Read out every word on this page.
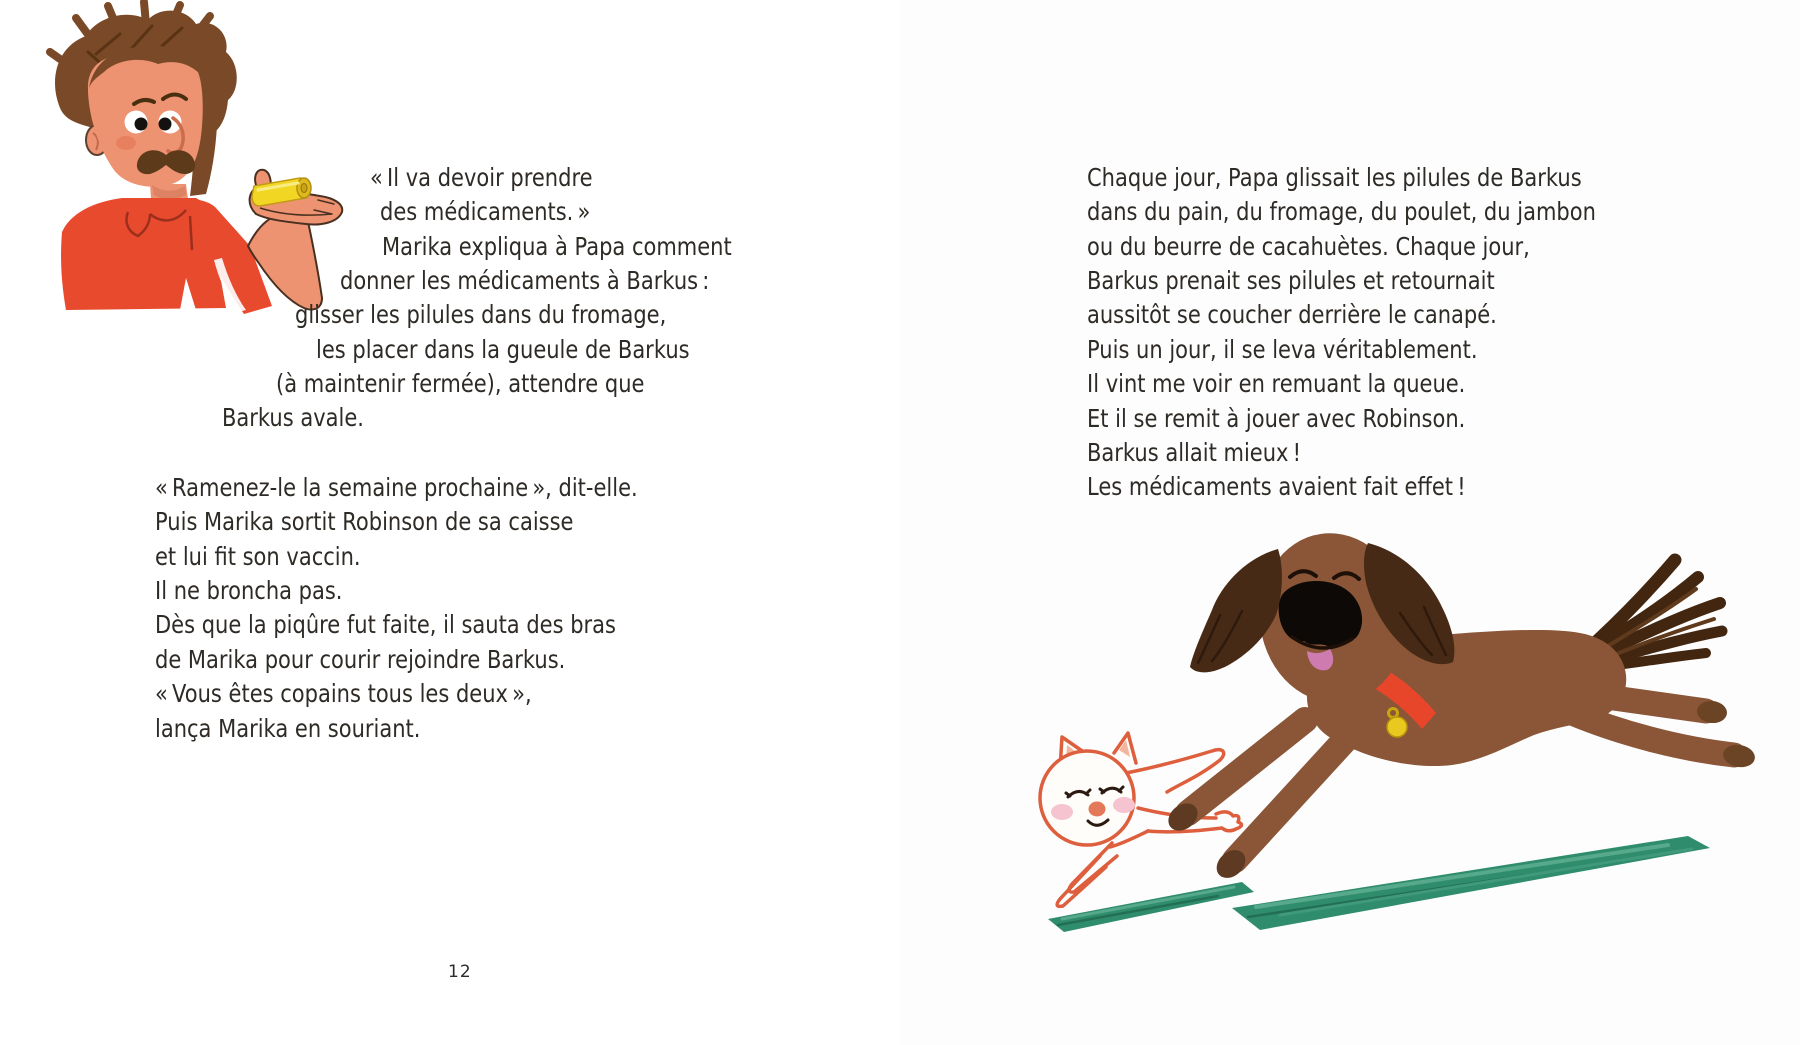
« Il va devoir prendre
des médicaments. »
Marika expliqua à Papa comment
donner les médicaments à Barkus :
glisser les pilules dans du fromage,
les placer dans la gueule de Barkus
(à maintenir fermée), attendre que
Barkus avale.
« Ramenez-le la semaine prochaine », dit-elle.
Puis Marika sortit Robinson de sa caisse
et lui fit son vaccin.
Il ne broncha pas.
Dès que la piqûre fut faite, il sauta des bras
de Marika pour courir rejoindre Barkus.
« Vous êtes copains tous les deux »,
lança Marika en souriant.
12
Chaque jour, Papa glissait les pilules de Barkus
dans du pain, du fromage, du poulet, du jambon
ou du beurre de cacahuètes. Chaque jour,
Barkus prenait ses pilules et retournait
aussitôt se coucher derrière le canapé.
Puis un jour, il se leva véritablement.
Il vint me voir en remuant la queue.
Et il se remit à jouer avec Robinson.
Barkus allait mieux !
Les médicaments avaient fait effet !
